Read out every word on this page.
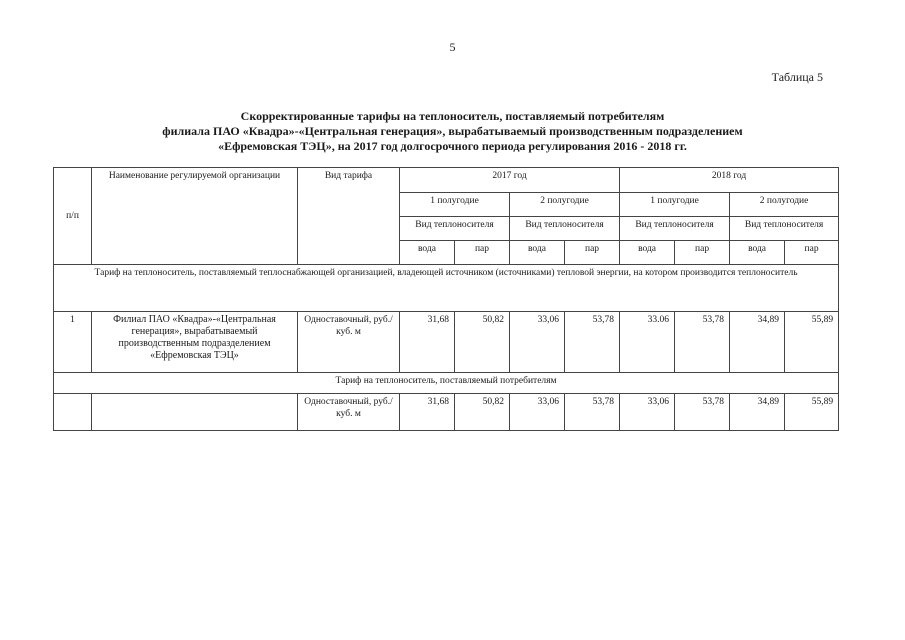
5
Таблица 5
Скорректированные тарифы на теплоноситель, поставляемый потребителям
филиала ПАО «Квадра»-«Центральная генерация», вырабатываемый производственным подразделением
«Ефремовская ТЭЦ», на 2017 год долгосрочного периода регулирования 2016 - 2018 гг.
п/п	Наименование регулируемой организации	Вид тарифа	2017 год				2018 год			
			1 полугодие		2 полугодие		1 полугодие		2 полугодие	
			Вид теплоносителя		Вид теплоносителя		Вид теплоносителя		Вид теплоносителя	
			вода	пар	вода	пар	вода	пар	вода	пар
Тариф на теплоноситель, поставляемый теплоснабжающей организацией, владеющей источником (источниками) тепловой энергии, на котором производится теплоноситель										
1	Филиал ПАО «Квадра»-«Центральная генерация», вырабатываемый производственным подразделением «Ефремовская ТЭЦ»	Одноставочный, руб./куб. м	31,68	50,82	33,06	53,78	33.06	53,78	34,89	55,89
Тариф на теплоноситель, поставляемый потребителям										
		Одноставочный, руб./куб. м	31,68	50,82	33,06	53,78	33,06	53,78	34,89	55,89
